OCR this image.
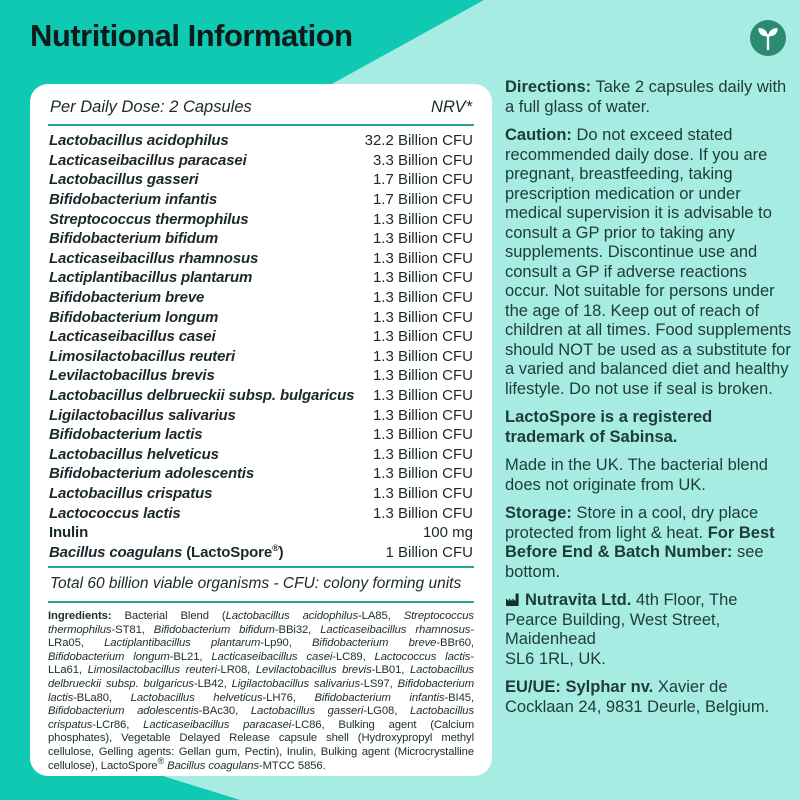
Nutritional Information
Per Daily Dose: 2 Capsules	NRV*
Lactobacillus acidophilus	32.2 Billion CFU
Lacticaseibacillus paracasei	3.3 Billion CFU
Lactobacillus gasseri	1.7 Billion CFU
Bifidobacterium infantis	1.7 Billion CFU
Streptococcus thermophilus	1.3 Billion CFU
Bifidobacterium bifidum	1.3 Billion CFU
Lacticaseibacillus rhamnosus	1.3 Billion CFU
Lactiplantibacillus plantarum	1.3 Billion CFU
Bifidobacterium breve	1.3 Billion CFU
Bifidobacterium longum	1.3 Billion CFU
Lacticaseibacillus casei	1.3 Billion CFU
Limosilactobacillus reuteri	1.3 Billion CFU
Levilactobacillus brevis	1.3 Billion CFU
Lactobacillus delbrueckii subsp. bulgaricus 1.3 Billion CFU
Ligilactobacillus salivarius	1.3 Billion CFU
Bifidobacterium lactis	1.3 Billion CFU
Lactobacillus helveticus	1.3 Billion CFU
Bifidobacterium adolescentis	1.3 Billion CFU
Lactobacillus crispatus	1.3 Billion CFU
Lactococcus lactis	1.3 Billion CFU
Inulin	100 mg
Bacillus coagulans (LactoSpore®)	1 Billion CFU
Total 60 billion viable organisms - CFU: colony forming units

Ingredients: Bacterial Blend (Lactobacillus acidophilus-LA85, Streptococcus thermophilus-ST81, Bifidobacterium bifidum-BBi32, Lacticaseibacillus rhamnosus-LRa05, Lactiplantibacillus plantarum-Lp90, Bifidobacterium breve-BBr60, Bifidobacterium longum-BL21, Lacticaseibacillus casei-LC89, Lactococcus lactis-LLa61, Limosilactobacillus reuteri-LR08, Levilactobacillus brevis-LB01, Lactobacillus delbrueckii subsp. bulgaricus-LB42, Ligilactobacillus salivarius-LS97, Bifidobacterium lactis-BLa80, Lactobacillus helveticus-LH76, Bifidobacterium infantis-BI45, Bifidobacterium adolescentis-BAc30, Lactobacillus gasseri-LG08, Lactobacillus crispatus-LCr86, Lacticaseibacillus paracasei-LC86, Bulking agent (Calcium phosphates), Vegetable Delayed Release capsule shell (Hydroxypropyl methyl cellulose, Gelling agents: Gellan gum, Pectin), Inulin, Bulking agent (Microcrystalline cellulose), LactoSpore® Bacillus coagulans-MTCC 5856.

Directions: Take 2 capsules daily with a full glass of water.

Caution: Do not exceed stated recommended daily dose. If you are pregnant, breastfeeding, taking prescription medication or under medical supervision it is advisable to consult a GP prior to taking any supplements. Discontinue use and consult a GP if adverse reactions occur. Not suitable for persons under the age of 18. Keep out of reach of children at all times. Food supplements should NOT be used as a substitute for a varied and balanced diet and healthy lifestyle. Do not use if seal is broken.

LactoSpore is a registered trademark of Sabinsa.

Made in the UK. The bacterial blend does not originate from UK.

Storage: Store in a cool, dry place protected from light & heat. For Best Before End & Batch Number: see bottom.

Nutravita Ltd. 4th Floor, The Pearce Building, West Street, Maidenhead
SL6 1RL, UK.

EU/UE: Sylphar nv. Xavier de Cocklaan 24, 9831 Deurle, Belgium.
